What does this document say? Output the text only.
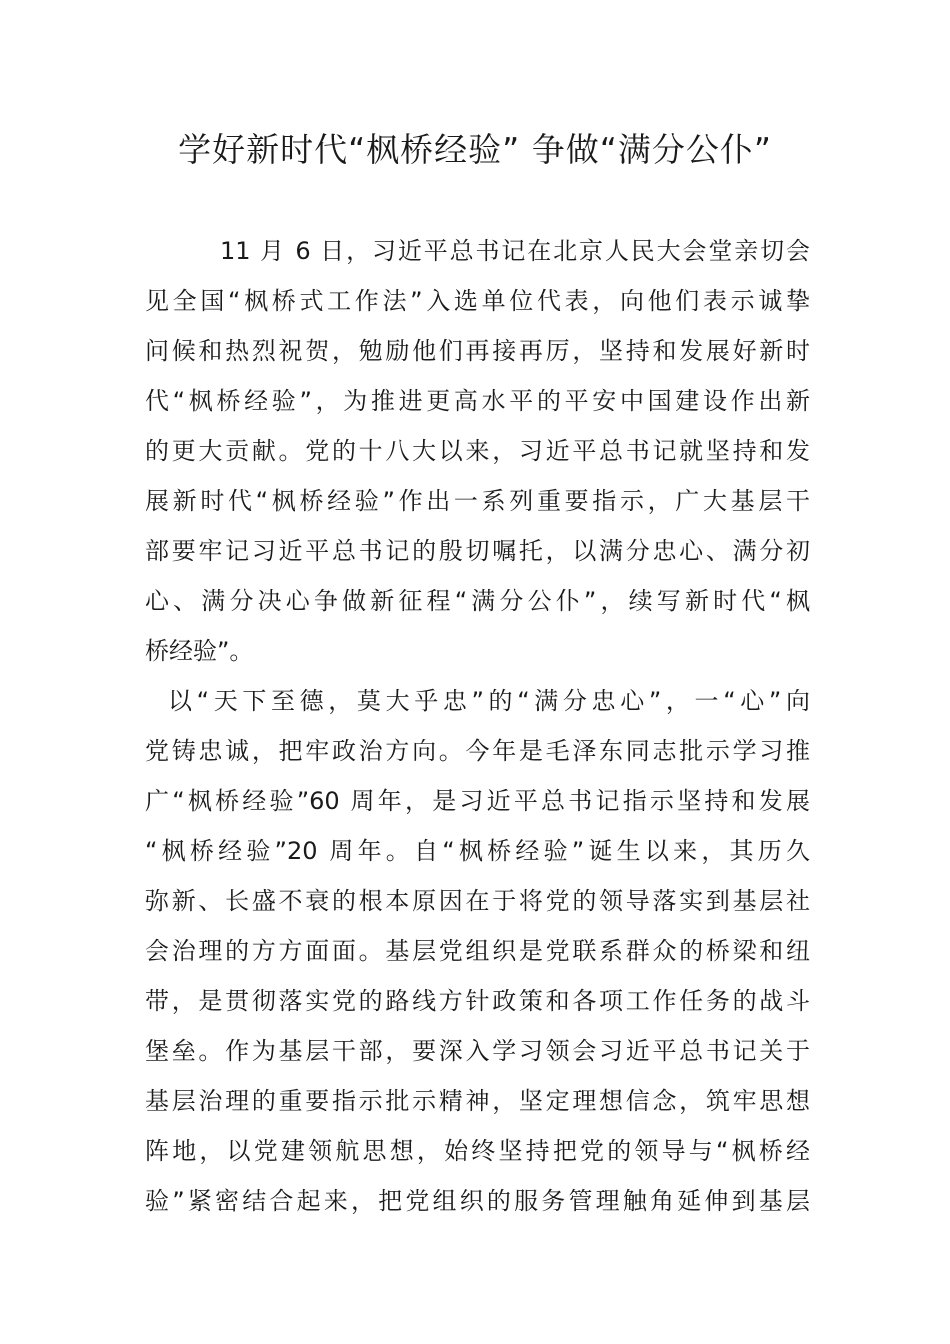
学好新时代“枫桥经验” 争做“满分公仆”
11 月 6 日，习近平总书记在北京人民大会堂亲切会
见全国“枫桥式工作法”入选单位代表，向他们表示诚挚
问候和热烈祝贺，勉励他们再接再厉，坚持和发展好新时
代“枫桥经验”，为推进更高水平的平安中国建设作出新
的更大贡献。党的十八大以来，习近平总书记就坚持和发
展新时代“枫桥经验”作出一系列重要指示，广大基层干
部要牢记习近平总书记的殷切嘱托，以满分忠心、满分初
心、满分决心争做新征程“满分公仆”，续写新时代“枫
桥经验”。
以“天下至德，莫大乎忠”的“满分忠心”，一“心”向
党铸忠诚，把牢政治方向。今年是毛泽东同志批示学习推
广“枫桥经验”60 周年，是习近平总书记指示坚持和发展
“枫桥经验”20 周年。自“枫桥经验”诞生以来，其历久
弥新、长盛不衰的根本原因在于将党的领导落实到基层社
会治理的方方面面。基层党组织是党联系群众的桥梁和纽
带，是贯彻落实党的路线方针政策和各项工作任务的战斗
堡垒。作为基层干部，要深入学习领会习近平总书记关于
基层治理的重要指示批示精神，坚定理想信念，筑牢思想
阵地，以党建领航思想，始终坚持把党的领导与“枫桥经
验”紧密结合起来，把党组织的服务管理触角延伸到基层
